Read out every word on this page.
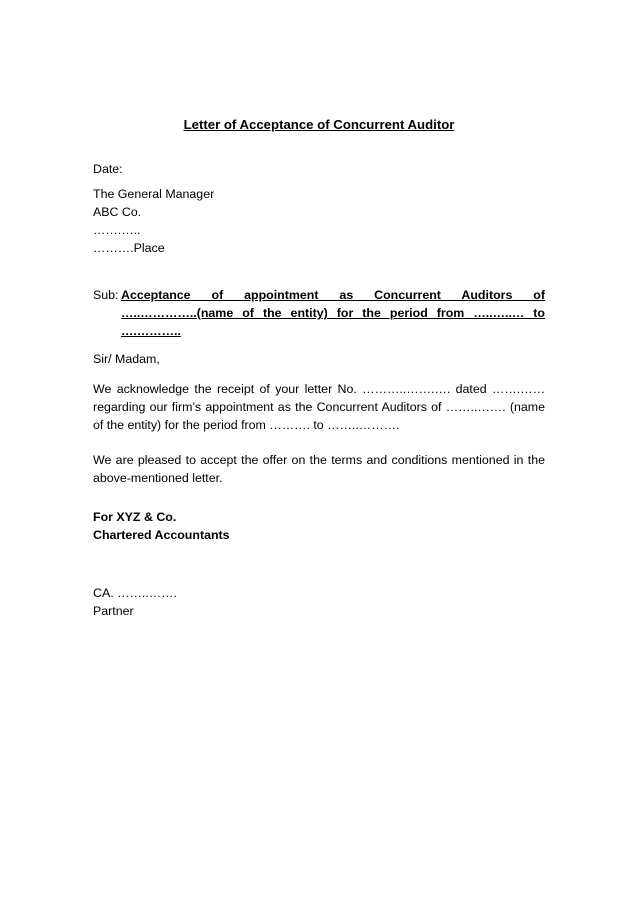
Letter of Acceptance of Concurrent Auditor
Date:
The General Manager
ABC Co.
…….…..
……….Place
Sub: Acceptance of appointment as Concurrent Auditors of
…..…………..(name of the entity) for the period from …..…..… to
….………..
Sir/ Madam,
We acknowledge the receipt of your letter No. ………..…….…. dated …….……
regarding our firm’s appointment as the Concurrent Auditors of ……..……. (name
of the entity) for the period from ………. to ……..……….
We are pleased to accept the offer on the terms and conditions mentioned in the
above-mentioned letter.
For XYZ & Co.
Chartered Accountants
CA. ……..…….
Partner
